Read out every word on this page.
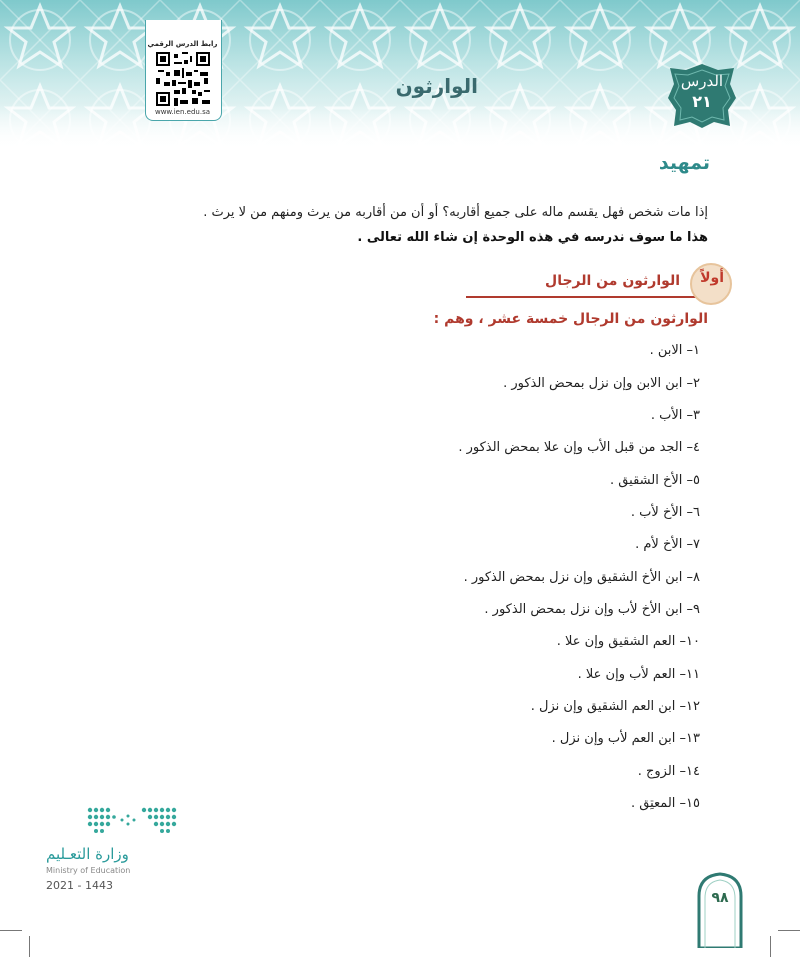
الوارثون	الدرس
٢١
رابط الدرس الرقمي
www.ien.edu.sa
تمهيد
إذا مات شخص فهل يقسم ماله على جميع أقاربه؟ أو أن من أقاربه من يرث ومنهم من لا يرث .
هذا ما سوف ندرسه في هذه الوحدة إن شاء الله تعالى .
أولاً
الوارثون من الرجال
الوارثون من الرجال خمسة عشر ، وهم :
١– الابن .
٢– ابن الابن وإن نزل بمحض الذكور .
٣– الأب .
٤– الجد من قبل الأب وإن علا بمحض الذكور .
٥– الأخ الشقيق .
٦– الأخ لأب .
٧– الأخ لأم .
٨– ابن الأخ الشقيق وإن نزل بمحض الذكور .
٩– ابن الأخ لأب وإن نزل بمحض الذكور .
١٠– العم الشقيق وإن علا .
١١– العم لأب وإن علا .
١٢– ابن العم الشقيق وإن نزل .
١٣– ابن العم لأب وإن نزل .
١٤– الزوج .
١٥– المعتِق .
وزارة التعـليم
Ministry of Education
2021 - 1443
٩٨
